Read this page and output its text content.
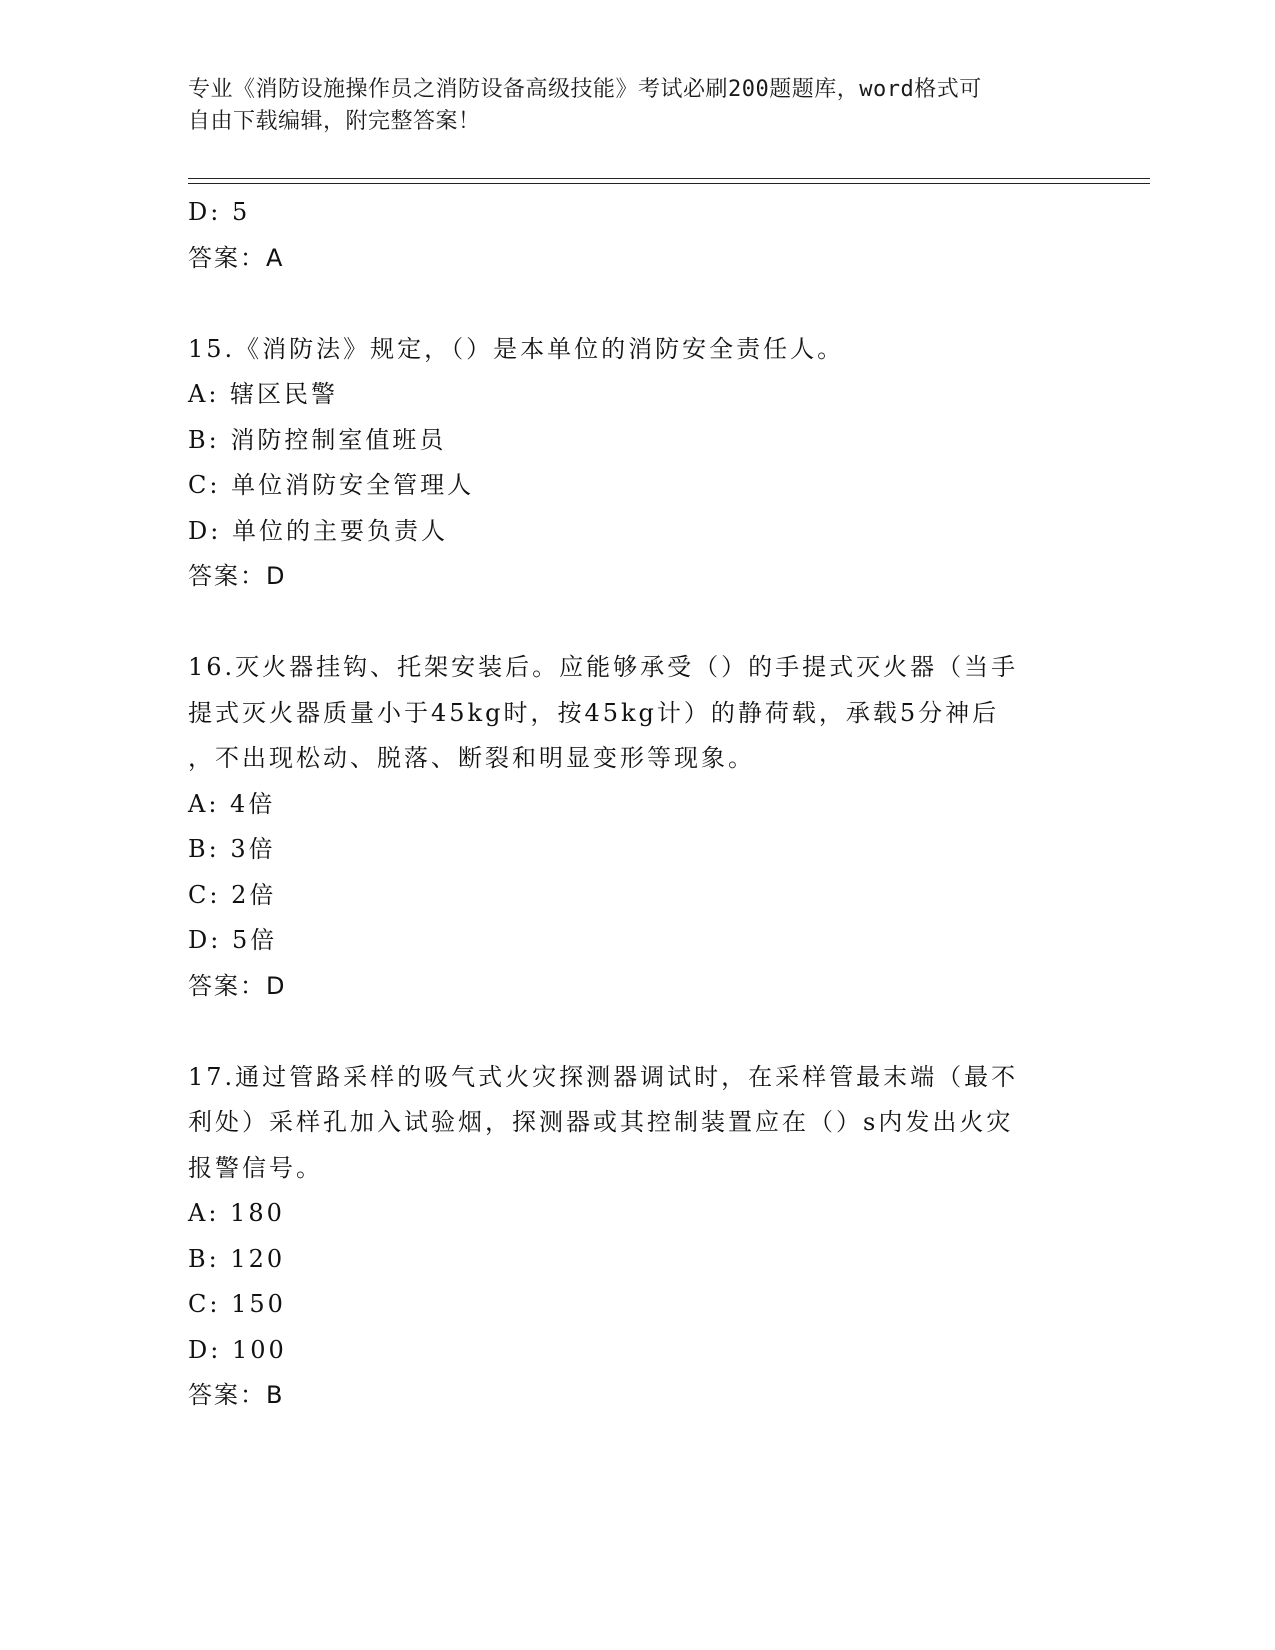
专业《消防设施操作员之消防设备高级技能》考试必刷200题题库，word格式可
自由下载编辑，附完整答案！
D: 5
答案：A
15.《消防法》规定，（）是本单位的消防安全责任人。
A: 辖区民警
B: 消防控制室值班员
C: 单位消防安全管理人
D: 单位的主要负责人
答案：D
16.灭火器挂钩、托架安装后。应能够承受（）的手提式灭火器（当手
提式灭火器质量小于45kg时，按45kg计）的静荷载，承载5分神后
，不出现松动、脱落、断裂和明显变形等现象。
A: 4倍
B: 3倍
C: 2倍
D: 5倍
答案：D
17.通过管路采样的吸气式火灾探测器调试时，在采样管最末端（最不
利处）采样孔加入试验烟，探测器或其控制装置应在（）s内发出火灾
报警信号。
A: 180
B: 120
C: 150
D: 100
答案：B
